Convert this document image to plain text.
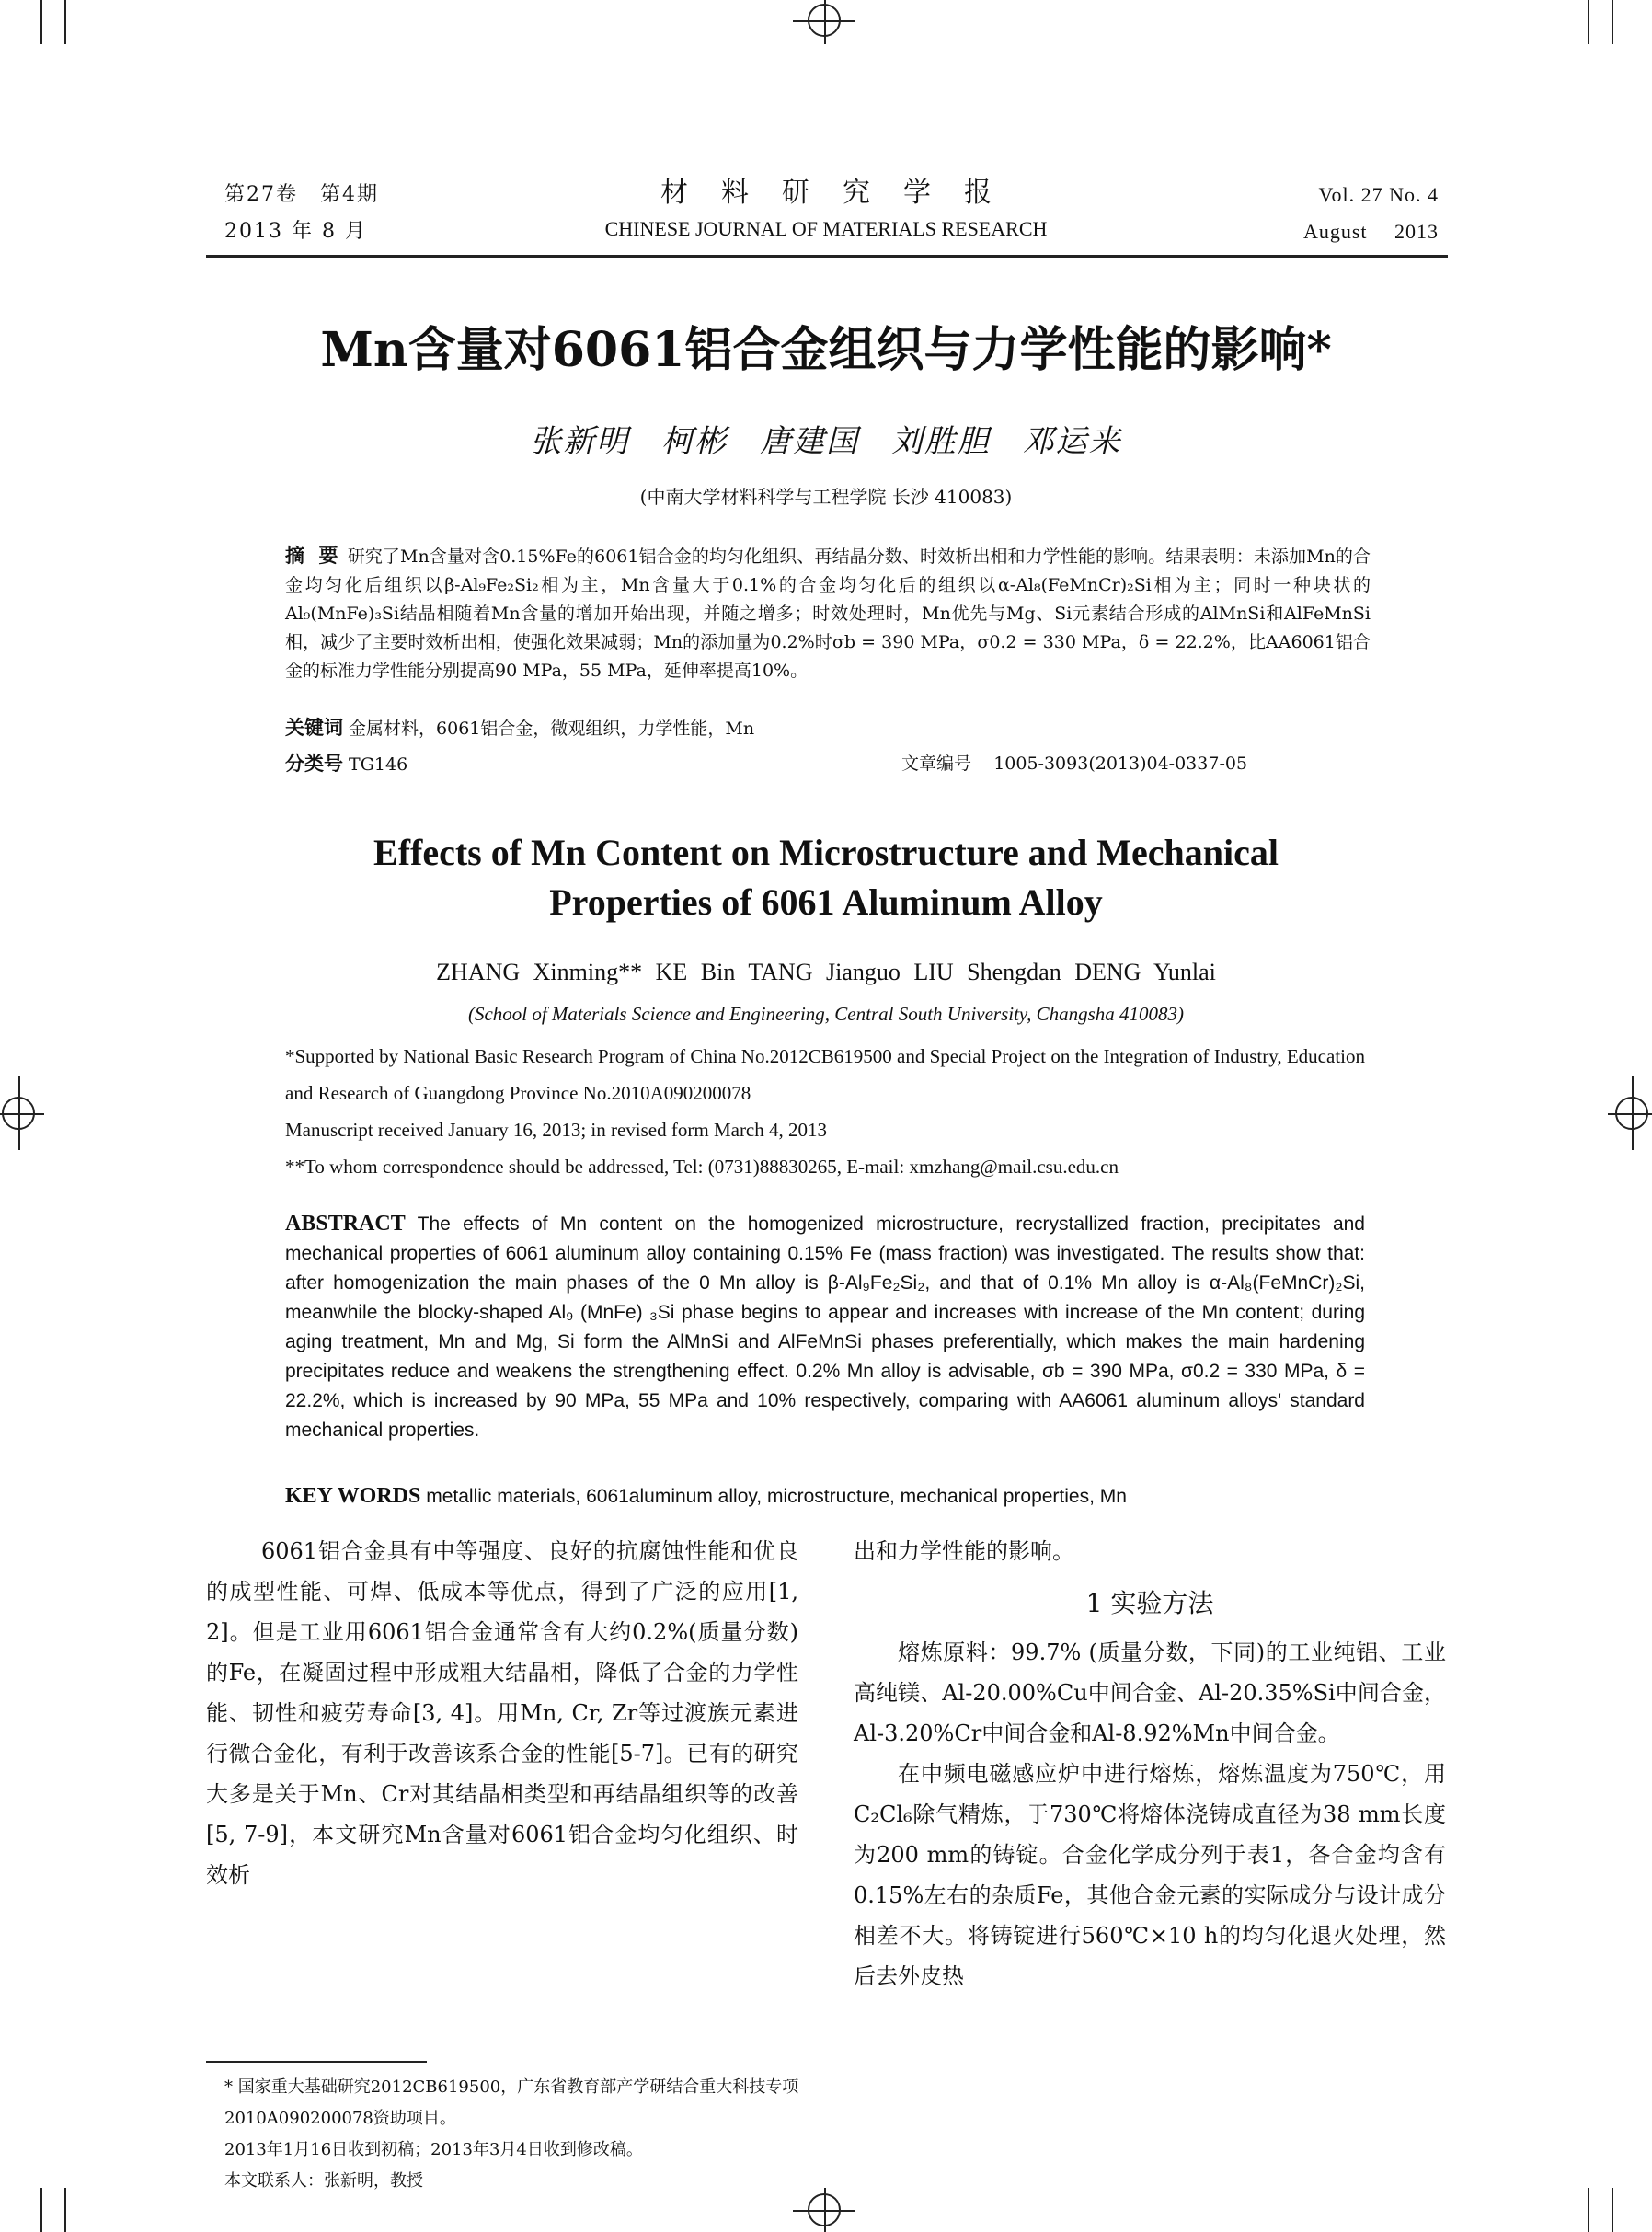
第27卷　第4期
2013 年 8 月
材料研究学报
CHINESE JOURNAL OF MATERIALS RESEARCH
Vol. 27 No. 4
August　 2013
Mn含量对6061铝合金组织与力学性能的影响*
张新明 柯彬 唐建国 刘胜胆 邓运来
(中南大学材料科学与工程学院 长沙 410083)
摘 要 研究了Mn含量对含0.15%Fe的6061铝合金的均匀化组织、再结晶分数、时效析出相和力学性能的影响。结果表明：未添加Mn的合金均匀化后组织以β-Al₉Fe₂Si₂相为主，Mn含量大于0.1%的合金均匀化后的组织以α-Al₈(FeMnCr)₂Si相为主；同时一种块状的Al₉(MnFe)₃Si结晶相随着Mn含量的增加开始出现，并随之增多；时效处理时，Mn优先与Mg、Si元素结合形成的AlMnSi和AlFeMnSi相，减少了主要时效析出相，使强化效果减弱；Mn的添加量为0.2%时σb = 390 MPa，σ0.2 = 330 MPa，δ = 22.2%，比AA6061铝合金的标准力学性能分别提高90 MPa，55 MPa，延伸率提高10%。
关键词 金属材料，6061铝合金，微观组织，力学性能，Mn
分类号 TG146	文章编号 1005-3093(2013)04-0337-05
Effects of Mn Content on Microstructure and Mechanical
Properties of 6061 Aluminum Alloy
ZHANG Xinming** KE Bin TANG Jianguo LIU Shengdan DENG Yunlai
(School of Materials Science and Engineering, Central South University, Changsha 410083)
*Supported by National Basic Research Program of China No.2012CB619500 and Special Project on the Integration of Industry, Education and Research of Guangdong Province No.2010A090200078
Manuscript received January 16, 2013; in revised form March 4, 2013
**To whom correspondence should be addressed, Tel: (0731)88830265, E-mail: xmzhang@mail.csu.edu.cn
ABSTRACT The effects of Mn content on the homogenized microstructure, recrystallized fraction, precipitates and mechanical properties of 6061 aluminum alloy containing 0.15% Fe (mass fraction) was investigated. The results show that: after homogenization the main phases of the 0 Mn alloy is β-Al₉Fe₂Si₂, and that of 0.1% Mn alloy is α-Al₈(FeMnCr)₂Si, meanwhile the blocky-shaped Al₉ (MnFe) ₃Si phase begins to appear and increases with increase of the Mn content; during aging treatment, Mn and Mg, Si form the AlMnSi and AlFeMnSi phases preferentially, which makes the main hardening precipitates reduce and weakens the strengthening effect. 0.2% Mn alloy is advisable, σb = 390 MPa, σ0.2 = 330 MPa, δ = 22.2%, which is increased by 90 MPa, 55 MPa and 10% respectively, comparing with AA6061 aluminum alloys' standard mechanical properties.
KEY WORDS metallic materials, 6061aluminum alloy, microstructure, mechanical properties, Mn

6061铝合金具有中等强度、良好的抗腐蚀性能和优良的成型性能、可焊、低成本等优点，得到了广泛的应用[1, 2]。但是工业用6061铝合金通常含有大约0.2%(质量分数)的Fe，在凝固过程中形成粗大结晶相，降低了合金的力学性能、韧性和疲劳寿命[3, 4]。用Mn, Cr, Zr等过渡族元素进行微合金化，有利于改善该系合金的性能[5-7]。已有的研究大多是关于Mn、Cr对其结晶相类型和再结晶组织等的改善[5, 7-9]，本文研究Mn含量对6061铝合金均匀化组织、时效析

出和力学性能的影响。

1 实验方法

熔炼原料：99.7% (质量分数，下同)的工业纯铝、工业高纯镁、Al-20.00%Cu中间合金、Al-20.35%Si中间合金，Al-3.20%Cr中间合金和Al-8.92%Mn中间合金。

在中频电磁感应炉中进行熔炼，熔炼温度为750℃，用C₂Cl₆除气精炼，于730℃将熔体浇铸成直径为38 mm长度为200 mm的铸锭。合金化学成分列于表1，各合金均含有0.15%左右的杂质Fe，其他合金元素的实际成分与设计成分相差不大。将铸锭进行560℃×10 h的均匀化退火处理，然后去外皮热

* 国家重大基础研究2012CB619500，广东省教育部产学研结合重大科技专项2010A090200078资助项目。

2013年1月16日收到初稿；2013年3月4日收到修改稿。

本文联系人：张新明，教授
